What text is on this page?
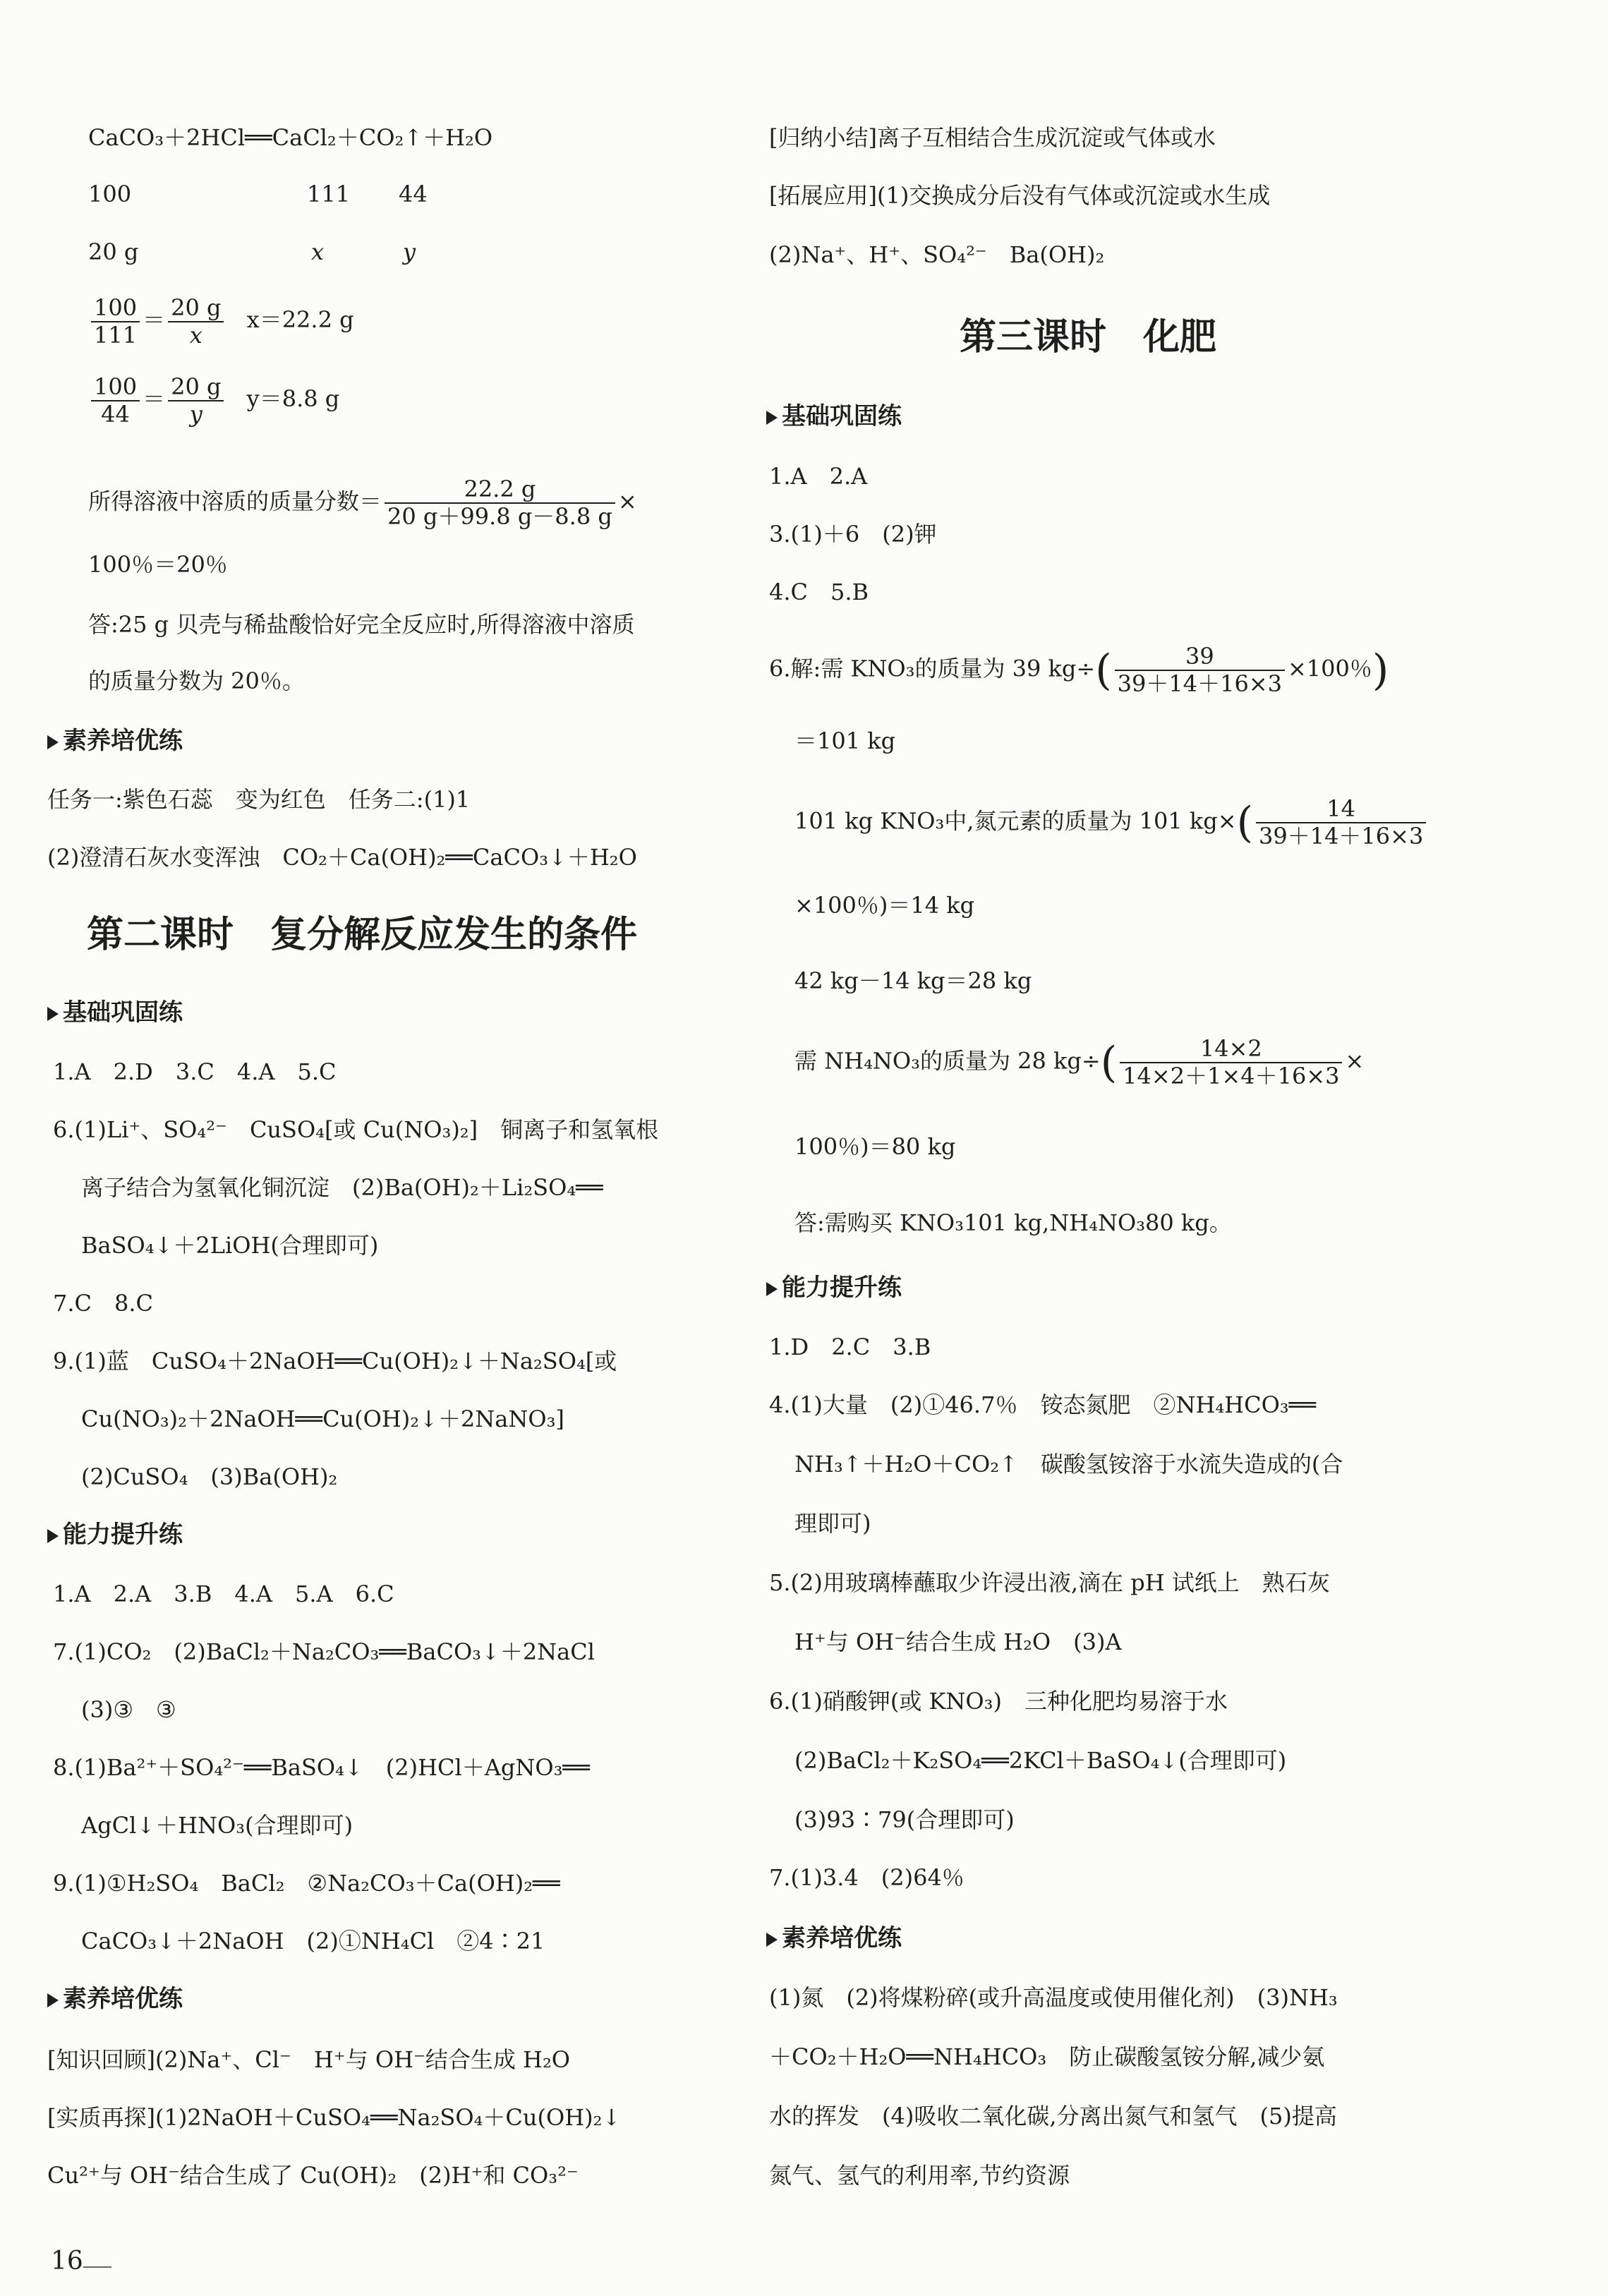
CaCO₃＋2HCl══CaCl₂＋CO₂↑＋H₂O
100	111 44
20 g	x	y
$\frac{100}{111} = \frac{20 g}{x} x=22.2$ g
$\frac{100}{44} = \frac{20 g}{y} y=8.8$ g
所得溶液中溶质的质量分数＝ $\frac{22.2 g}{20 g+99.8 g-8.8 g}$ ×
100％＝20％
答:25 g 贝壳与稀盐酸恰好完全反应时,所得溶液中溶质
的质量分数为 20％。
素养培优练
任务一:紫色石蕊　变为红色　任务二:(1)1
(2)澄清石灰水变浑浊　CO₂＋Ca(OH)₂══CaCO₃↓＋H₂O
第二课时　复分解反应发生的条件
基础巩固练
1.A　2.D　3.C　4.A　5.C
6.(1)Li⁺、SO₄²⁻　CuSO₄[或 Cu(NO₃)₂]　铜离子和氢氧根
离子结合为氢氧化铜沉淀　(2)Ba(OH)₂＋Li₂SO₄══
BaSO₄↓＋2LiOH(合理即可)
7.C　8.C
9.(1)蓝　CuSO₄＋2NaOH══Cu(OH)₂↓＋Na₂SO₄[或
Cu(NO₃)₂＋2NaOH══Cu(OH)₂↓＋2NaNO₃]
(2)CuSO₄　(3)Ba(OH)₂
能力提升练
1.A　2.A　3.B　4.A　5.A　6.C
7.(1)CO₂　(2)BaCl₂＋Na₂CO₃══BaCO₃↓＋2NaCl
(3)③　③
8.(1)Ba²⁺＋SO₄²⁻══BaSO₄↓　(2)HCl＋AgNO₃══
AgCl↓＋HNO₃(合理即可)
9.(1)①H₂SO₄　BaCl₂　②Na₂CO₃＋Ca(OH)₂══
CaCO₃↓＋2NaOH　(2)①NH₄Cl　②4∶21
素养培优练
[知识回顾](2)Na⁺、Cl⁻　H⁺与 OH⁻结合生成 H₂O
[实质再探](1)2NaOH＋CuSO₄══Na₂SO₄＋Cu(OH)₂↓
Cu²⁺与 OH⁻结合生成了 Cu(OH)₂　(2)H⁺和 CO₃²⁻
[归纳小结]离子互相结合生成沉淀或气体或水
[拓展应用](1)交换成分后没有气体或沉淀或水生成
(2)Na⁺、H⁺、SO₄²⁻　Ba(OH)₂
第三课时　化肥
基础巩固练
1.A　2.A
3.(1)＋6　(2)钾
4.C　5.B
6.解:需 KNO₃的质量为 39 $kg\div( \frac{39}{39+14+16\times 3} \times 100$％)
＝101 kg
101 kg KNO₃中,氮元素的质量为 101 $kg\times( \frac{14}{39+14+16\times 3}$
×100％)＝14 kg
42 kg－14 kg＝28 kg
需 NH₄NO₃的质量为 28 $kg\div( \frac{14\times 2}{14\times 2+1\times 4+16\times 3}$ ×
100％)＝80 kg
答:需购买 KNO₃101 kg,NH₄NO₃80 kg。
能力提升练
1.D　2.C　3.B
4.(1)大量　(2)①46.7％　铵态氮肥　②NH₄HCO₃══
NH₃↑＋H₂O＋CO₂↑　碳酸氢铵溶于水流失造成的(合
理即可)
5.(2)用玻璃棒蘸取少许浸出液,滴在 pH 试纸上　熟石灰
H⁺与 OH⁻结合生成 H₂O　(3)A
6.(1)硝酸钾(或 KNO₃)　三种化肥均易溶于水
(2)BaCl₂＋K₂SO₄══2KCl＋BaSO₄↓(合理即可)
(3)93∶79(合理即可)
7.(1)3.4　(2)64％
素养培优练
(1)氮　(2)将煤粉碎(或升高温度或使用催化剂)　(3)NH₃
＋CO₂＋H₂O══NH₄HCO₃　防止碳酸氢铵分解,减少氨
水的挥发　(4)吸收二氧化碳,分离出氮气和氢气　(5)提高
氮气、氢气的利用率,节约资源
16
